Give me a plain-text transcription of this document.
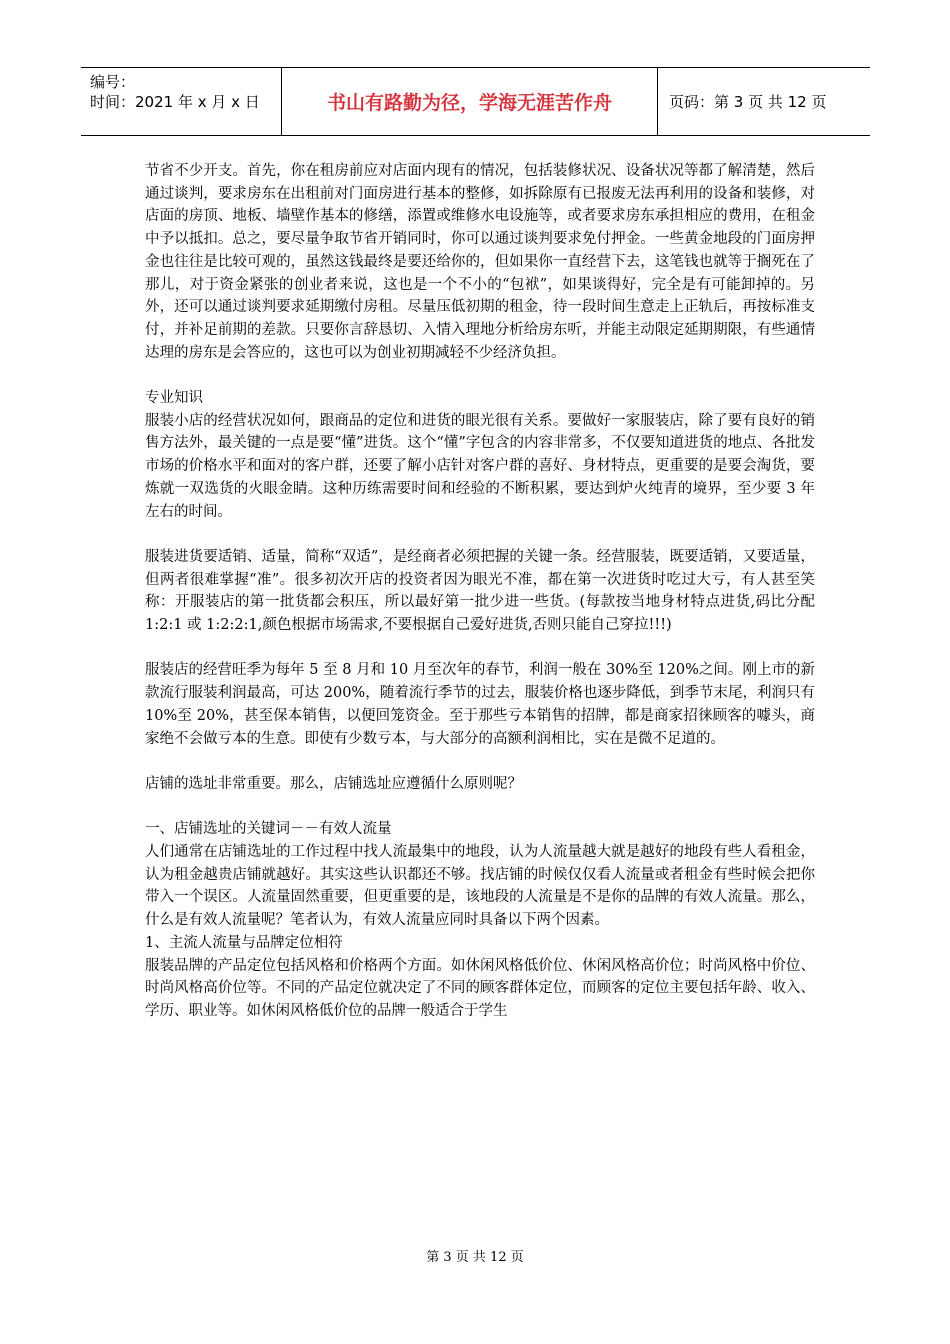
编号：
时间：2021 年 x 月 x 日	书山有路勤为径，学海无涯苦作舟	页码：第 3 页 共 12 页

节省不少开支。首先，你在租房前应对店面内现有的情况，包括装修状况、设备状况等都了解清楚，然后通过谈判，要求房东在出租前对门面房进行基本的整修，如拆除原有已报废无法再利用的设备和装修，对店面的房顶、地板、墙壁作基本的修缮，添置或维修水电设施等，或者要求房东承担相应的费用，在租金中予以抵扣。总之，要尽量争取节省开销同时，你可以通过谈判要求免付押金。一些黄金地段的门面房押金也往往是比较可观的，虽然这钱最终是要还给你的，但如果你一直经营下去，这笔钱也就等于搁死在了那儿，对于资金紧张的创业者来说，这也是一个不小的“包袱”，如果谈得好，完全是有可能卸掉的。另外，还可以通过谈判要求延期缴付房租。尽量压低初期的租金，待一段时间生意走上正轨后，再按标准支付，并补足前期的差款。只要你言辞恳切、入情入理地分析给房东听，并能主动限定延期期限，有些通情达理的房东是会答应的，这也可以为创业初期减轻不少经济负担。

专业知识

服装小店的经营状况如何，跟商品的定位和进货的眼光很有关系。要做好一家服装店，除了要有良好的销售方法外，最关键的一点是要“懂”进货。这个“懂”字包含的内容非常多，不仅要知道进货的地点、各批发市场的价格水平和面对的客户群，还要了解小店针对客户群的喜好、身材特点，更重要的是要会淘货，要炼就一双选货的火眼金睛。这种历练需要时间和经验的不断积累，要达到炉火纯青的境界，至少要 3 年左右的时间。

服装进货要适销、适量，简称“双适”，是经商者必须把握的关键一条。经营服装，既要适销，又要适量，但两者很难掌握“准”。很多初次开店的投资者因为眼光不准，都在第一次进货时吃过大亏，有人甚至笑称：开服装店的第一批货都会积压，所以最好第一批少进一些货。(每款按当地身材特点进货,码比分配 1:2:1 或 1:2:2:1,颜色根据市场需求,不要根据自己爱好进货,否则只能自己穿拉!!!)

服装店的经营旺季为每年 5 至 8 月和 10 月至次年的春节，利润一般在 30%至 120%之间。刚上市的新款流行服装利润最高，可达 200%，随着流行季节的过去，服装价格也逐步降低，到季节末尾，利润只有 10%至 20%，甚至保本销售，以便回笼资金。至于那些亏本销售的招牌，都是商家招徕顾客的噱头，商家绝不会做亏本的生意。即使有少数亏本，与大部分的高额利润相比，实在是微不足道的。

店铺的选址非常重要。那么，店铺选址应遵循什么原则呢？

一、店铺选址的关键词－－有效人流量

人们通常在店铺选址的工作过程中找人流最集中的地段，认为人流量越大就是越好的地段有些人看租金，认为租金越贵店铺就越好。其实这些认识都还不够。找店铺的时候仅仅看人流量或者租金有些时候会把你带入一个误区。人流量固然重要，但更重要的是，该地段的人流量是不是你的品牌的有效人流量。那么，什么是有效人流量呢？笔者认为，有效人流量应同时具备以下两个因素。

1、主流人流量与品牌定位相符

服装品牌的产品定位包括风格和价格两个方面。如休闲风格低价位、休闲风格高价位；时尚风格中价位、时尚风格高价位等。不同的产品定位就决定了不同的顾客群体定位，而顾客的定位主要包括年龄、收入、学历、职业等。如休闲风格低价位的品牌一般适合于学生

第 3 页 共 12 页
